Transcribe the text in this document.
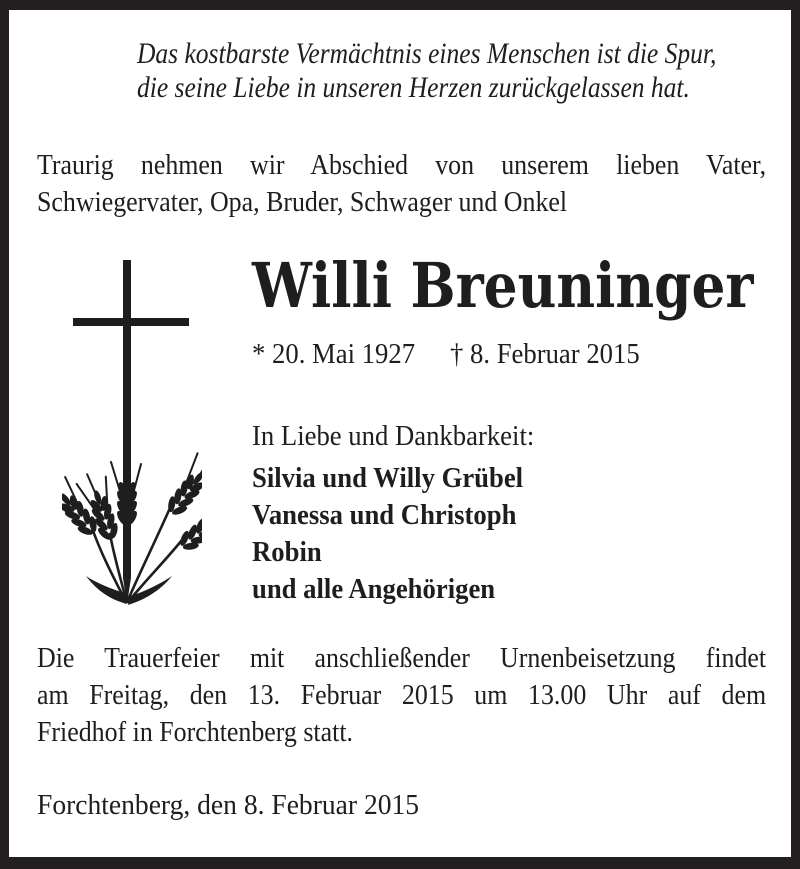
Das kostbarste Vermächtnis eines Menschen ist die Spur,
die seine Liebe in unseren Herzen zurückgelassen hat.
Traurig nehmen wir Abschied von unserem lieben Vater,
Schwiegervater, Opa, Bruder, Schwager und Onkel
Willi Breuninger
* 20. Mai 1927 † 8. Februar 2015
In Liebe und Dankbarkeit:
Silvia und Willy Grübel
Vanessa und Christoph
Robin
und alle Angehörigen
Die Trauerfeier mit anschließender Urnenbeisetzung findet
am Freitag, den 13. Februar 2015 um 13.00 Uhr auf dem
Friedhof in Forchtenberg statt.
Forchtenberg, den 8. Februar 2015
